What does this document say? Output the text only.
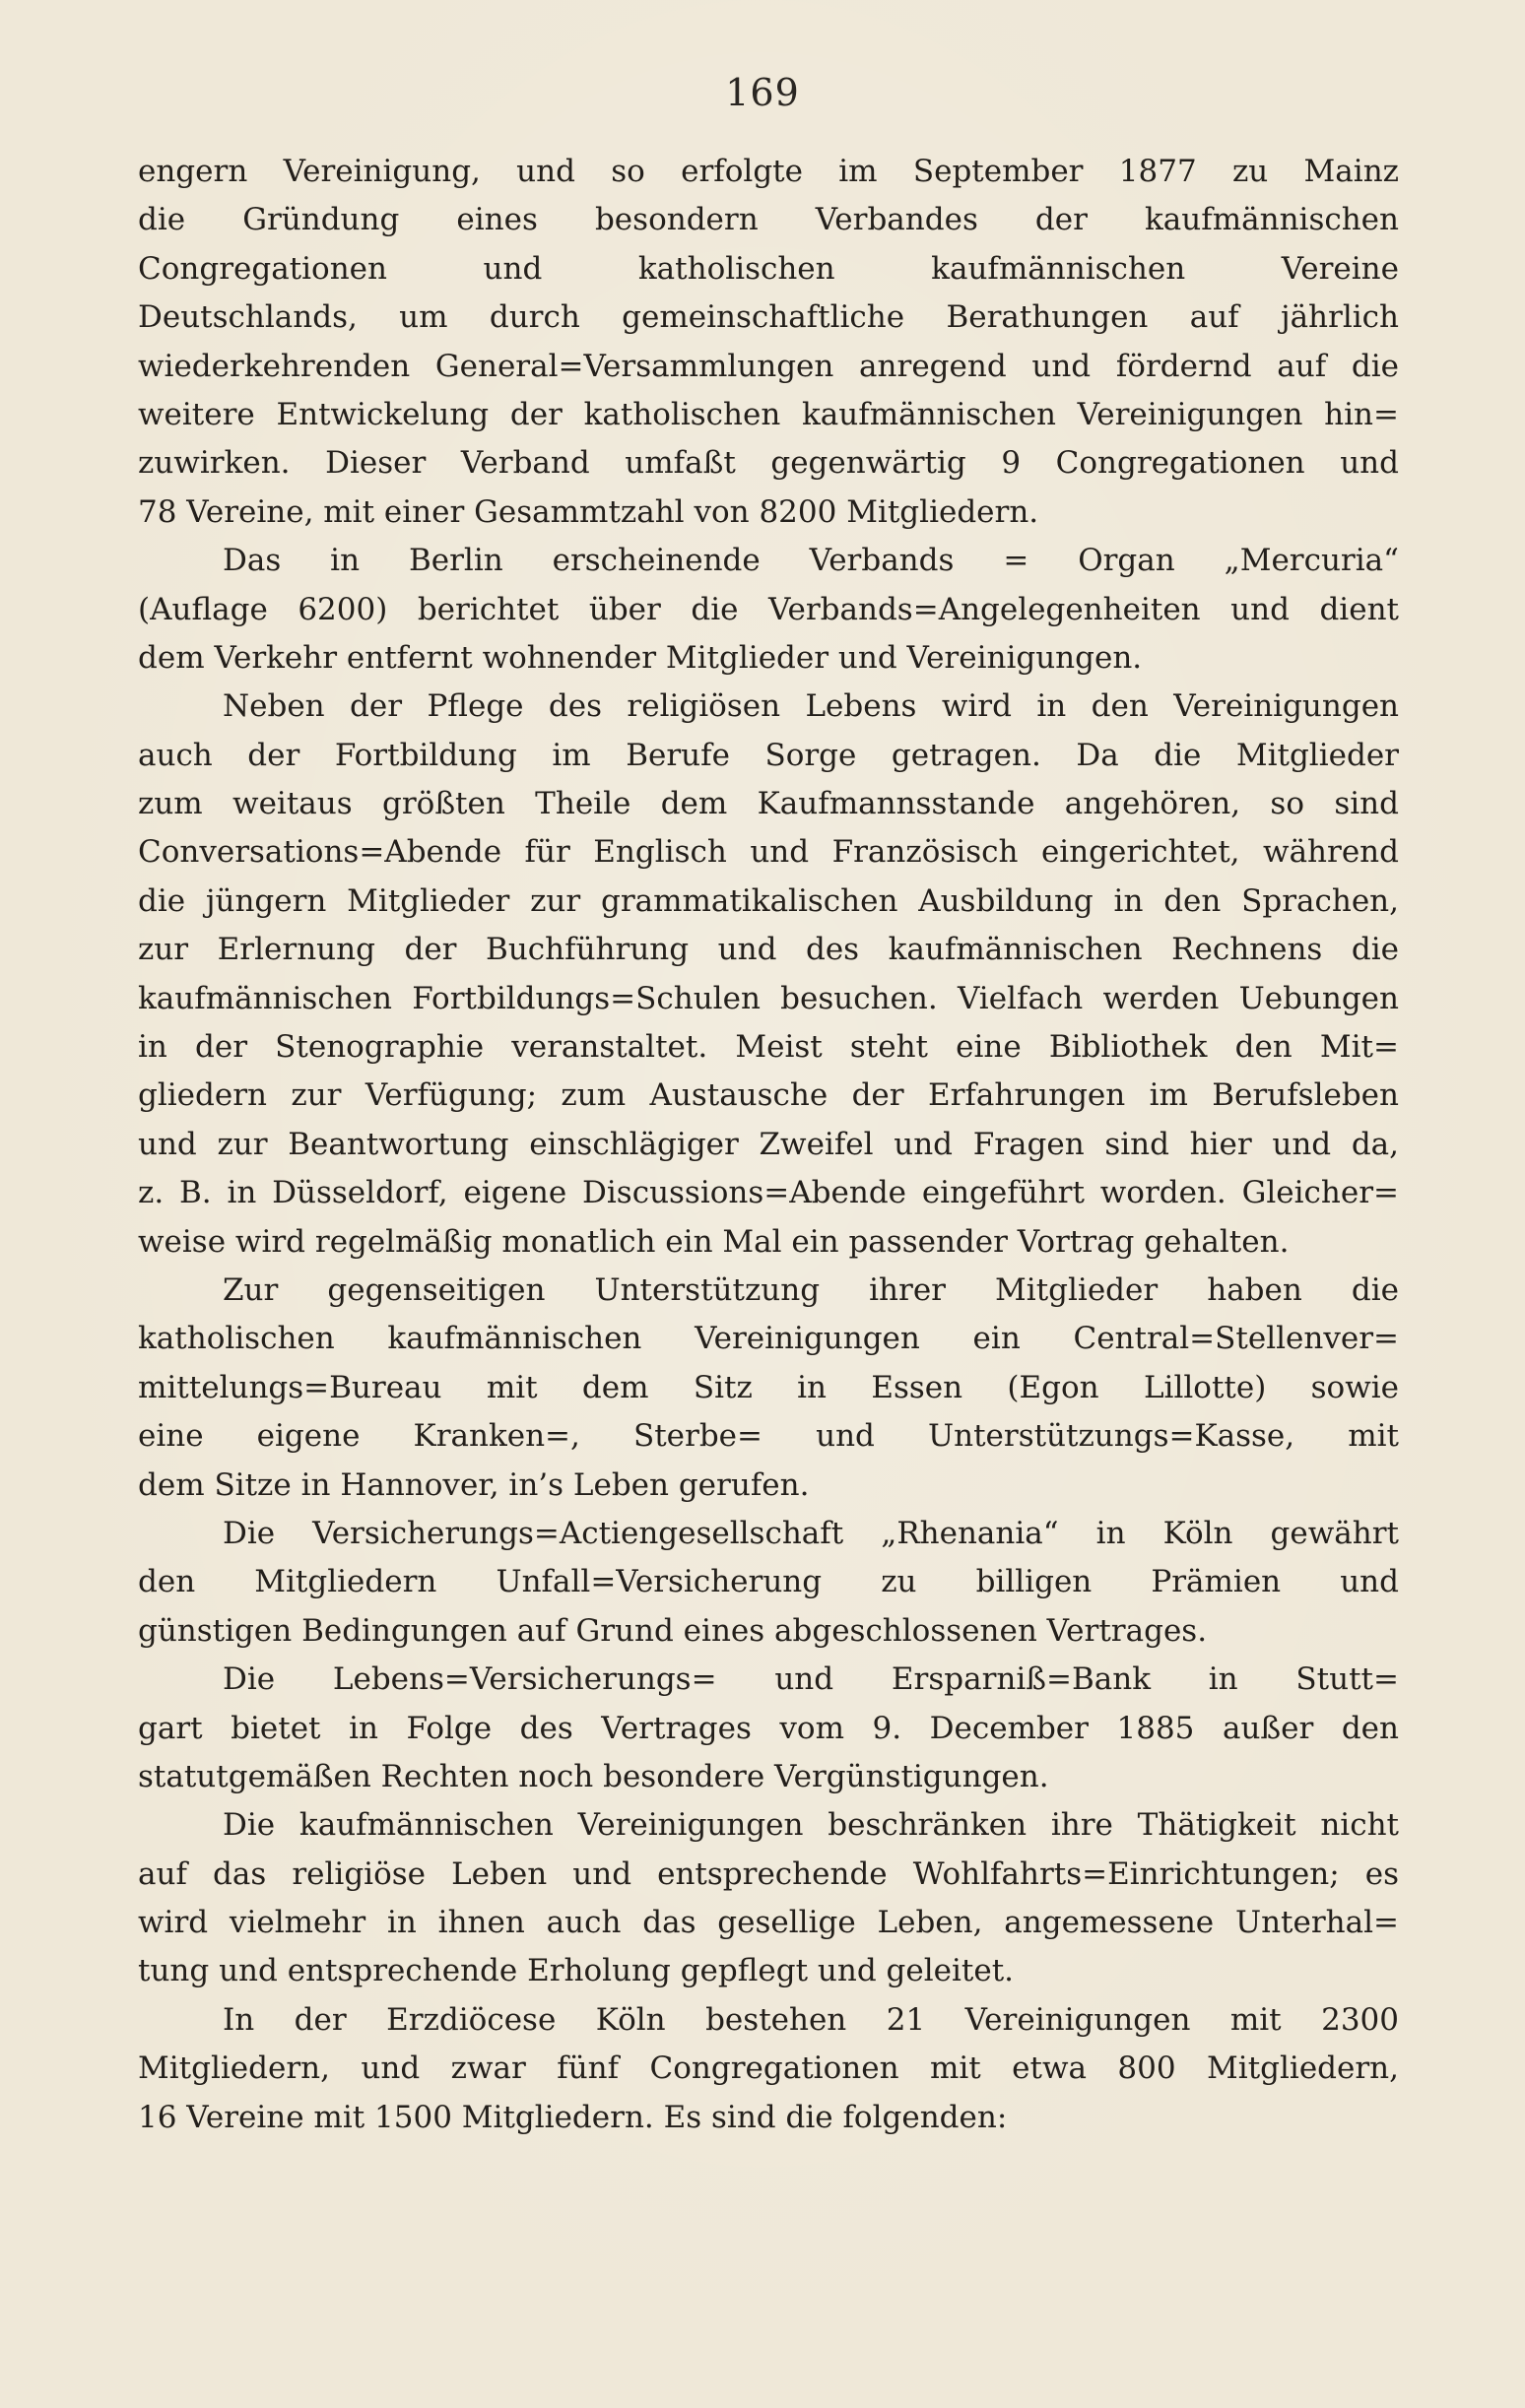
169
engern Vereinigung, und so erfolgte im September 1877 zu Mainz
die Gründung eines besondern Verbandes der kaufmännischen
Congregationen und katholischen kaufmännischen Vereine
Deutschlands, um durch gemeinschaftliche Berathungen auf jährlich
wiederkehrenden General=Versammlungen anregend und fördernd auf die
weitere Entwickelung der katholischen kaufmännischen Vereinigungen hin=
zuwirken. Dieser Verband umfaßt gegenwärtig 9 Congregationen und
78 Vereine, mit einer Gesammtzahl von 8200 Mitgliedern.
Das in Berlin erscheinende Verbands = Organ „Mercuria“
(Auflage 6200) berichtet über die Verbands=Angelegenheiten und dient
dem Verkehr entfernt wohnender Mitglieder und Vereinigungen.
Neben der Pflege des religiösen Lebens wird in den Vereinigungen
auch der Fortbildung im Berufe Sorge getragen. Da die Mitglieder
zum weitaus größten Theile dem Kaufmannsstande angehören, so sind
Conversations=Abende für Englisch und Französisch eingerichtet, während
die jüngern Mitglieder zur grammatikalischen Ausbildung in den Sprachen,
zur Erlernung der Buchführung und des kaufmännischen Rechnens die
kaufmännischen Fortbildungs=Schulen besuchen. Vielfach werden Uebungen
in der Stenographie veranstaltet. Meist steht eine Bibliothek den Mit=
gliedern zur Verfügung; zum Austausche der Erfahrungen im Berufsleben
und zur Beantwortung einschlägiger Zweifel und Fragen sind hier und da,
z. B. in Düsseldorf, eigene Discussions=Abende eingeführt worden. Gleicher=
weise wird regelmäßig monatlich ein Mal ein passender Vortrag gehalten.
Zur gegenseitigen Unterstützung ihrer Mitglieder haben die
katholischen kaufmännischen Vereinigungen ein Central=Stellenver=
mittelungs=Bureau mit dem Sitz in Essen (Egon Lillotte) sowie
eine eigene Kranken=, Sterbe= und Unterstützungs=Kasse, mit
dem Sitze in Hannover, in’s Leben gerufen.
Die Versicherungs=Actiengesellschaft „Rhenania“ in Köln gewährt
den Mitgliedern Unfall=Versicherung zu billigen Prämien und
günstigen Bedingungen auf Grund eines abgeschlossenen Vertrages.
Die Lebens=Versicherungs= und Ersparniß=Bank in Stutt=
gart bietet in Folge des Vertrages vom 9. December 1885 außer den
statutgemäßen Rechten noch besondere Vergünstigungen.
Die kaufmännischen Vereinigungen beschränken ihre Thätigkeit nicht
auf das religiöse Leben und entsprechende Wohlfahrts=Einrichtungen; es
wird vielmehr in ihnen auch das gesellige Leben, angemessene Unterhal=
tung und entsprechende Erholung gepflegt und geleitet.
In der Erzdiöcese Köln bestehen 21 Vereinigungen mit 2300
Mitgliedern, und zwar fünf Congregationen mit etwa 800 Mitgliedern,
16 Vereine mit 1500 Mitgliedern. Es sind die folgenden:
